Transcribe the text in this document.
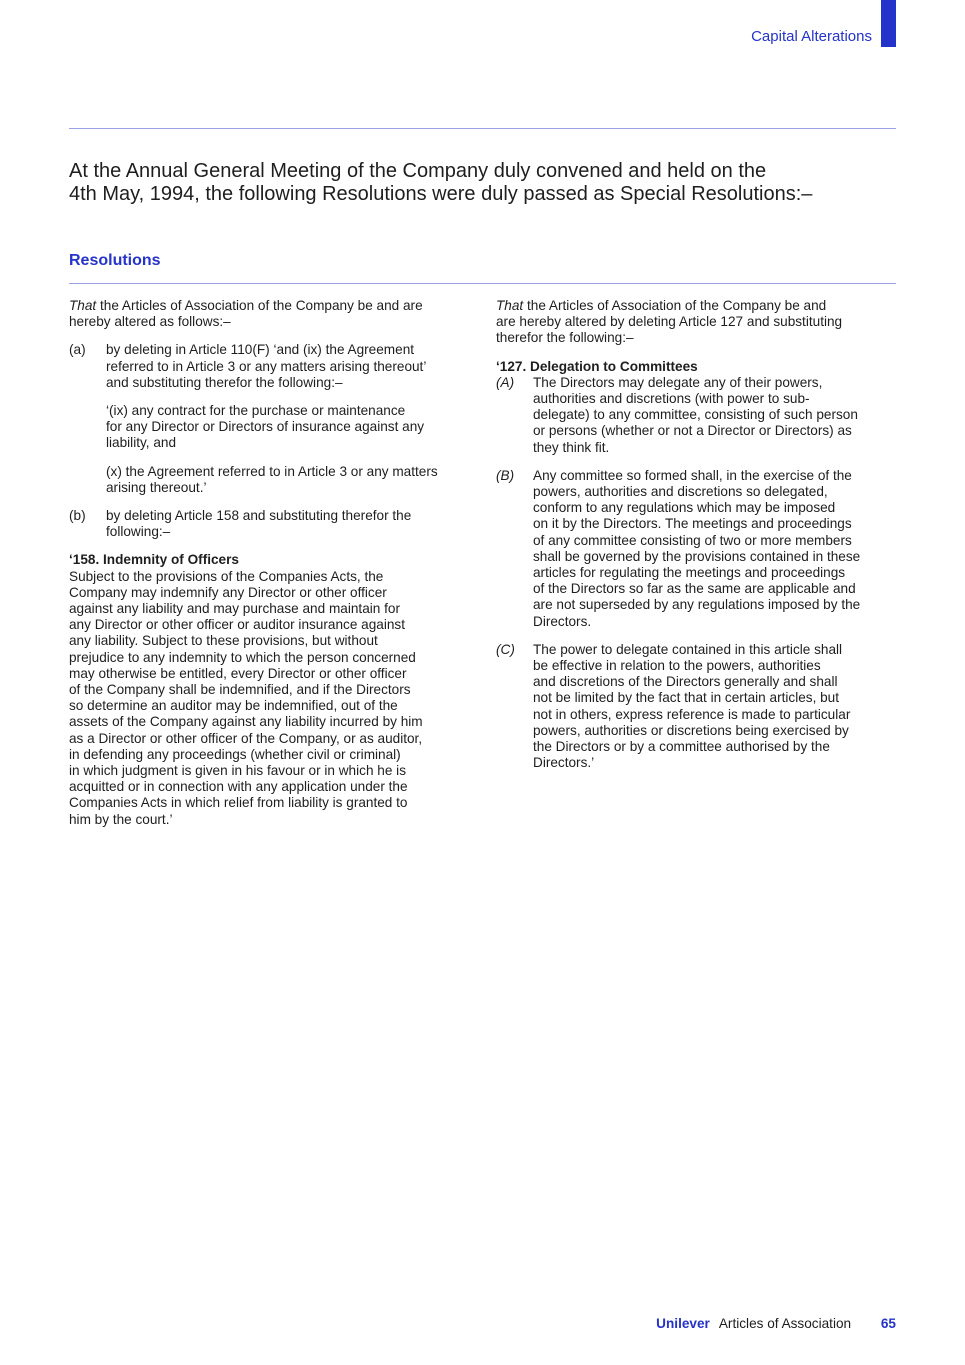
Capital Alterations
At the Annual General Meeting of the Company duly convened and held on the
4th May, 1994, the following Resolutions were duly passed as Special Resolutions:–
Resolutions

That the Articles of Association of the Company be and are
hereby altered as follows:–

(a)	by deleting in Article 110(F) ‘and (ix) the Agreement
referred to in Article 3 or any matters arising thereout’
and substituting therefor the following:–

‘(ix) any contract for the purchase or maintenance
for any Director or Directors of insurance against any
liability, and

(x) the Agreement referred to in Article 3 or any matters
arising thereout.’

(b)	by deleting Article 158 and substituting therefor the
following:–

‘158. Indemnity of Officers

Subject to the provisions of the Companies Acts, the
Company may indemnify any Director or other officer
against any liability and may purchase and maintain for
any Director or other officer or auditor insurance against
any liability. Subject to these provisions, but without
prejudice to any indemnity to which the person concerned
may otherwise be entitled, every Director or other officer
of the Company shall be indemnified, and if the Directors
so determine an auditor may be indemnified, out of the
assets of the Company against any liability incurred by him
as a Director or other officer of the Company, or as auditor,
in defending any proceedings (whether civil or criminal)
in which judgment is given in his favour or in which he is
acquitted or in connection with any application under the
Companies Acts in which relief from liability is granted to
him by the court.’

That the Articles of Association of the Company be and
are hereby altered by deleting Article 127 and substituting
therefor the following:–

‘127. Delegation to Committees

(A)	The Directors may delegate any of their powers,
authorities and discretions (with power to sub-
delegate) to any committee, consisting of such person
or persons (whether or not a Director or Directors) as
they think fit.
(B)	Any committee so formed shall, in the exercise of the
powers, authorities and discretions so delegated,
conform to any regulations which may be imposed
on it by the Directors. The meetings and proceedings
of any committee consisting of two or more members
shall be governed by the provisions contained in these
articles for regulating the meetings and proceedings
of the Directors so far as the same are applicable and
are not superseded by any regulations imposed by the
Directors.
(C)	The power to delegate contained in this article shall
be effective in relation to the powers, authorities
and discretions of the Directors generally and shall
not be limited by the fact that in certain articles, but
not in others, express reference is made to particular
powers, authorities or discretions being exercised by
the Directors or by a committee authorised by the
Directors.’
Unilever Articles of Association 65
